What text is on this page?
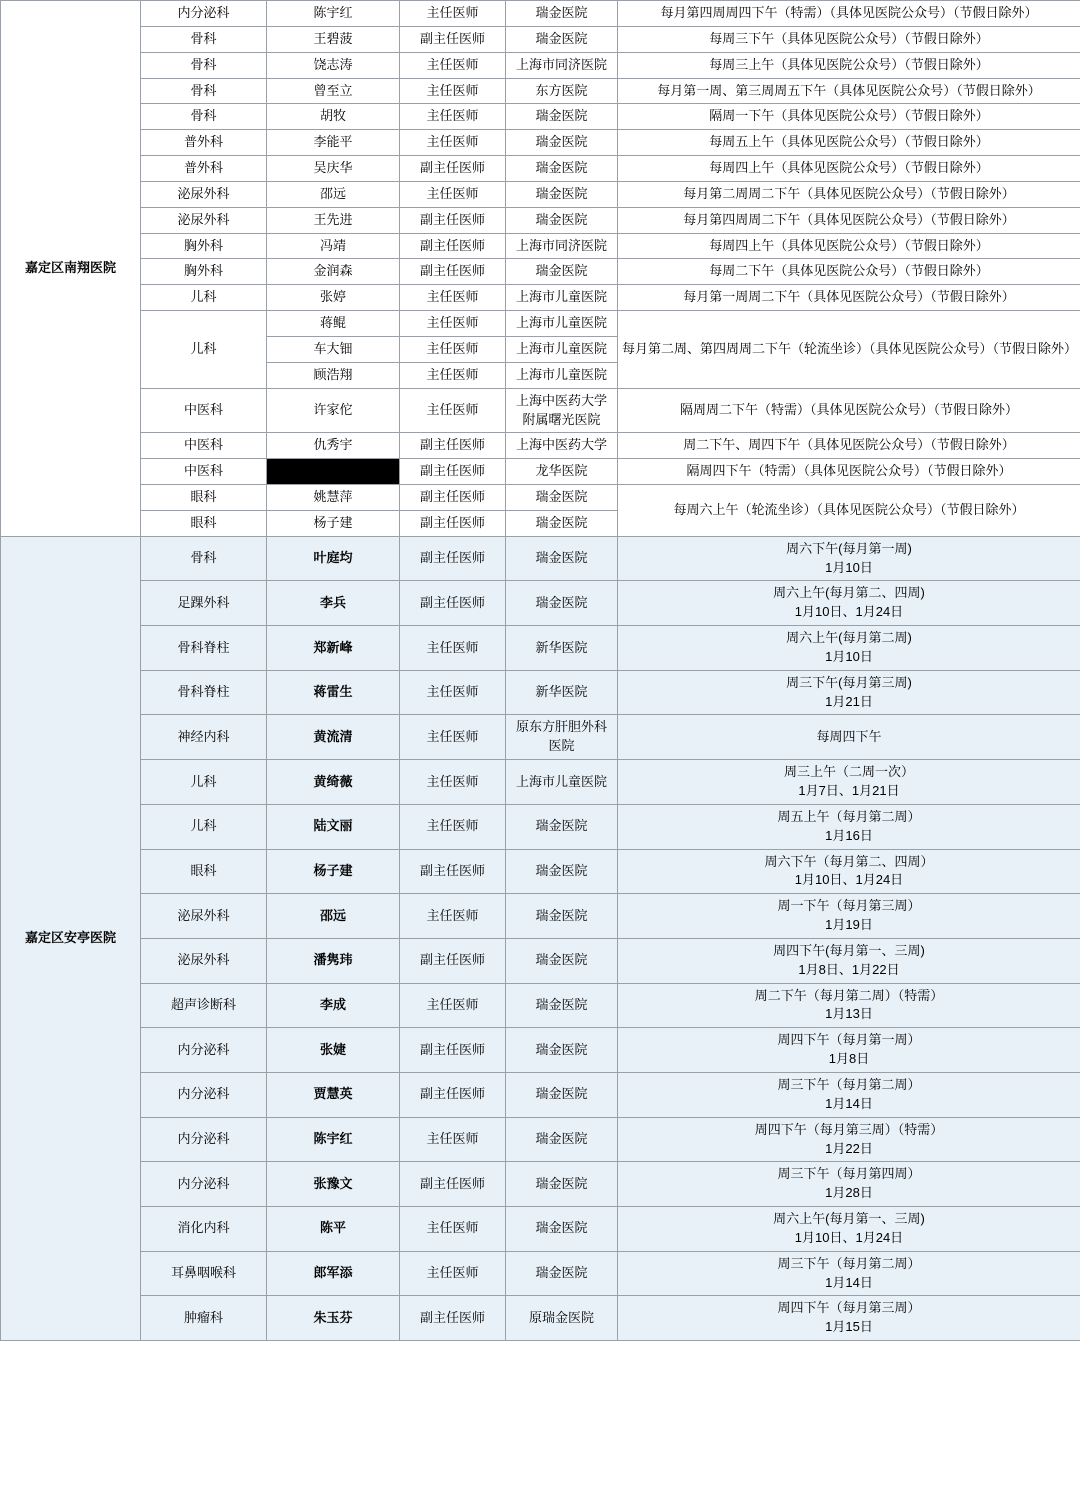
嘉定区南翔医院	内分泌科	陈宇红	主任医师	瑞金医院	每月第四周周四下午（特需）（具体见医院公众号）（节假日除外）
	骨科	王碧菠	副主任医师	瑞金医院	每周三下午（具体见医院公众号）（节假日除外）
	骨科	饶志涛	主任医师	上海市同济医院	每周三上午（具体见医院公众号）（节假日除外）
	骨科	曾至立	主任医师	东方医院	每月第一周、第三周周五下午（具体见医院公众号）（节假日除外）
	骨科	胡牧	主任医师	瑞金医院	隔周一下午（具体见医院公众号）（节假日除外）
	普外科	李能平	主任医师	瑞金医院	每周五上午（具体见医院公众号）（节假日除外）
	普外科	吴庆华	副主任医师	瑞金医院	每周四上午（具体见医院公众号）（节假日除外）
	泌尿外科	邵远	主任医师	瑞金医院	每月第二周周二下午（具体见医院公众号）（节假日除外）
	泌尿外科	王先进	副主任医师	瑞金医院	每月第四周周二下午（具体见医院公众号）（节假日除外）
	胸外科	冯靖	副主任医师	上海市同济医院	每周四上午（具体见医院公众号）（节假日除外）
	胸外科	金润森	副主任医师	瑞金医院	每周二下午（具体见医院公众号）（节假日除外）
	儿科	张婷	主任医师	上海市儿童医院	每月第一周周二下午（具体见医院公众号）（节假日除外）
	儿科	蒋鲲	主任医师	上海市儿童医院	每月第二周、第四周周二下午（轮流坐诊）（具体见医院公众号）（节假日除外）
		车大钿	主任医师	上海市儿童医院	
		顾浩翔	主任医师	上海市儿童医院	
	中医科	许家佗	主任医师	上海中医药大学附属曙光医院	隔周周二下午（特需）（具体见医院公众号）（节假日除外）
	中医科	仇秀宇	副主任医师	上海中医药大学	周二下午、周四下午（具体见医院公众号）（节假日除外）
	中医科	████	副主任医师	龙华医院	隔周四下午（特需）（具体见医院公众号）（节假日除外）
	眼科	姚慧萍	副主任医师	瑞金医院	每周六上午（轮流坐诊）（具体见医院公众号）（节假日除外）
	眼科	杨子建	副主任医师	瑞金医院	
嘉定区安亭医院	骨科	叶庭均	副主任医师	瑞金医院	周六下午(每月第一周)
1月10日
	足踝外科	李兵	副主任医师	瑞金医院	周六上午(每月第二、四周)
1月10日、1月24日
	骨科脊柱	郑新峰	主任医师	新华医院	周六上午(每月第二周)
1月10日
	骨科脊柱	蒋雷生	主任医师	新华医院	周三下午(每月第三周)
1月21日
	神经内科	黄流清	主任医师	原东方肝胆外科医院	每周四下午
	儿科	黄绮薇	主任医师	上海市儿童医院	周三上午（二周一次）
1月7日、1月21日
	儿科	陆文丽	主任医师	瑞金医院	周五上午（每月第二周）
1月16日
	眼科	杨子建	副主任医师	瑞金医院	周六下午（每月第二、四周）
1月10日、1月24日
	泌尿外科	邵远	主任医师	瑞金医院	周一下午（每月第三周）
1月19日
	泌尿外科	潘隽玮	副主任医师	瑞金医院	周四下午(每月第一、三周)
1月8日、1月22日
	超声诊断科	李成	主任医师	瑞金医院	周二下午（每月第二周）（特需）
1月13日
	内分泌科	张婕	副主任医师	瑞金医院	周四下午（每月第一周）
1月8日
	内分泌科	贾慧英	副主任医师	瑞金医院	周三下午（每月第二周）
1月14日
	内分泌科	陈宇红	主任医师	瑞金医院	周四下午（每月第三周）（特需）
1月22日
	内分泌科	张豫文	副主任医师	瑞金医院	周三下午（每月第四周）
1月28日
	消化内科	陈平	主任医师	瑞金医院	周六上午(每月第一、三周)
1月10日、1月24日
	耳鼻咽喉科	郎军添	主任医师	瑞金医院	周三下午（每月第二周）
1月14日
	肿瘤科	朱玉芬	副主任医师	原瑞金医院	周四下午（每月第三周）
1月15日
